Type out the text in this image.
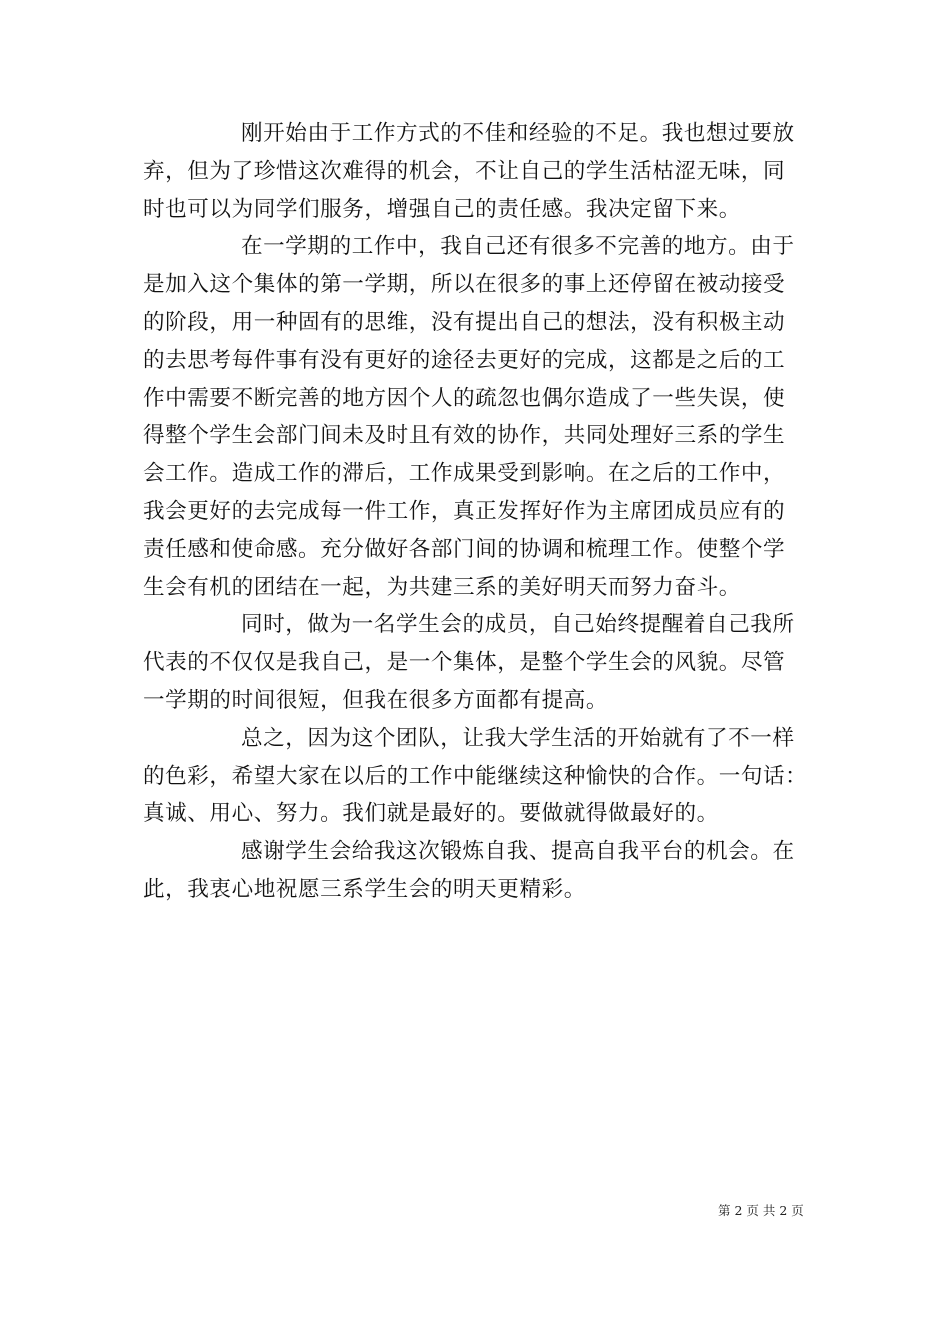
刚开始由于工作方式的不佳和经验的不足。我也想过要放
弃，但为了珍惜这次难得的机会，不让自己的学生活枯涩无味，同
时也可以为同学们服务，增强自己的责任感。我决定留下来。
在一学期的工作中，我自己还有很多不完善的地方。由于
是加入这个集体的第一学期，所以在很多的事上还停留在被动接受
的阶段，用一种固有的思维，没有提出自己的想法，没有积极主动
的去思考每件事有没有更好的途径去更好的完成，这都是之后的工
作中需要不断完善的地方因个人的疏忽也偶尔造成了一些失误，使
得整个学生会部门间未及时且有效的协作，共同处理好三系的学生
会工作。造成工作的滞后，工作成果受到影响。在之后的工作中，
我会更好的去完成每一件工作，真正发挥好作为主席团成员应有的
责任感和使命感。充分做好各部门间的协调和梳理工作。使整个学
生会有机的团结在一起，为共建三系的美好明天而努力奋斗。
同时，做为一名学生会的成员，自己始终提醒着自己我所
代表的不仅仅是我自己，是一个集体，是整个学生会的风貌。尽管
一学期的时间很短，但我在很多方面都有提高。
总之，因为这个团队，让我大学生活的开始就有了不一样
的色彩，希望大家在以后的工作中能继续这种愉快的合作。一句话：
真诚、用心、努力。我们就是最好的。要做就得做最好的。
感谢学生会给我这次锻炼自我、提高自我平台的机会。在
此，我衷心地祝愿三系学生会的明天更精彩。
第 2 页 共 2 页
